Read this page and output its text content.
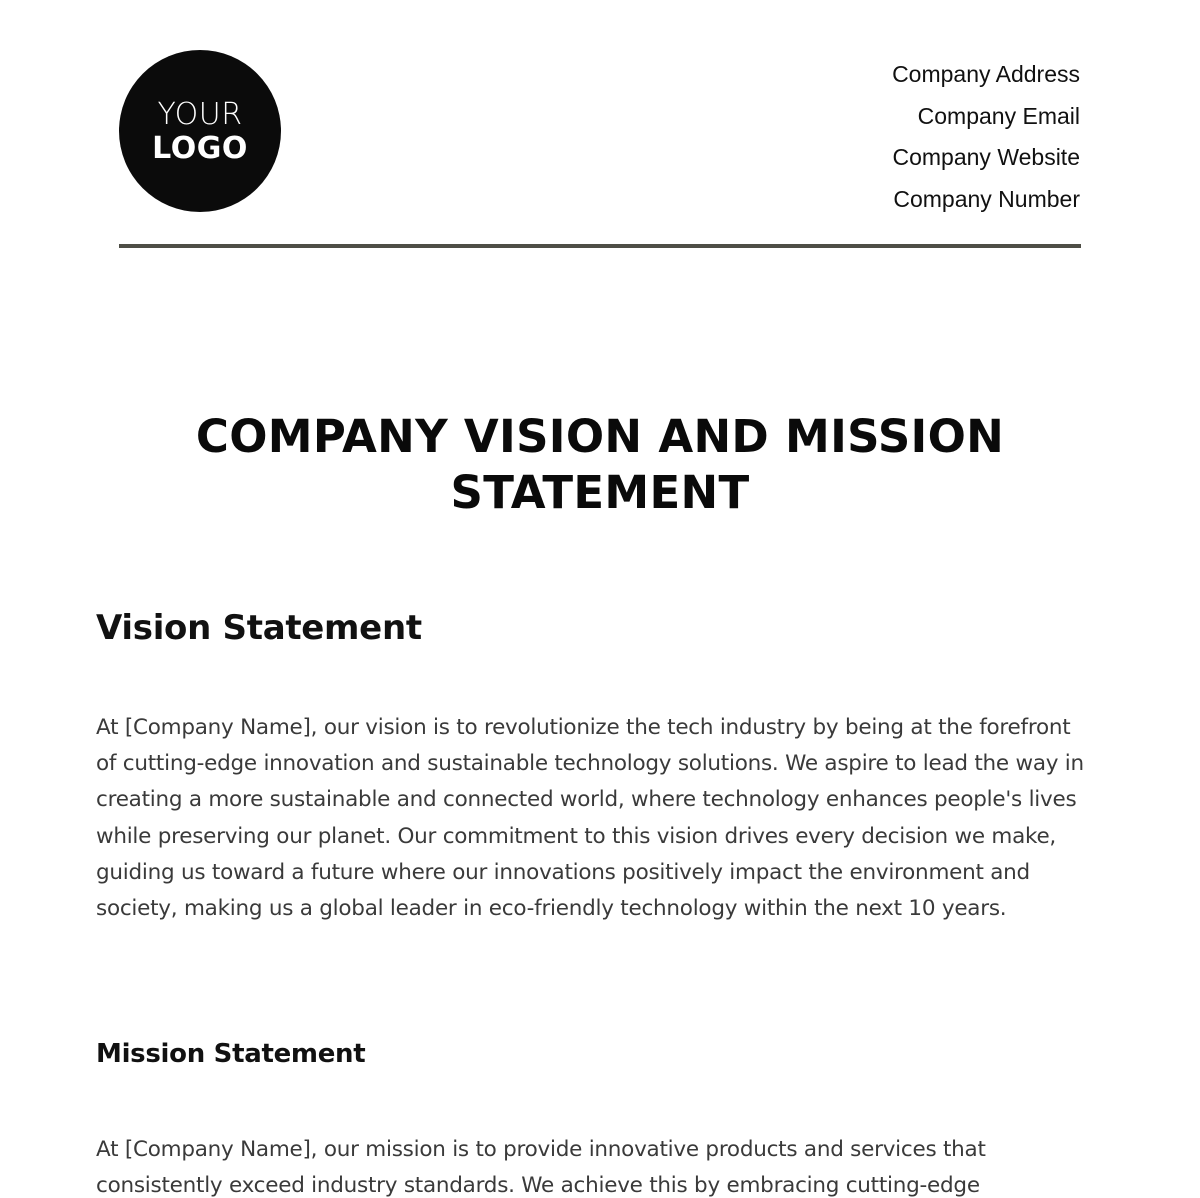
YOUR
LOGO
Company Address
Company Email
Company Website
Company Number
COMPANY VISION AND MISSION STATEMENT
Vision Statement

At [Company Name], our vision is to revolutionize the tech industry by being at the forefront of cutting-edge innovation and sustainable technology solutions. We aspire to lead the way in creating a more sustainable and connected world, where technology enhances people's lives while preserving our planet. Our commitment to this vision drives every decision we make, guiding us toward a future where our innovations positively impact the environment and society, making us a global leader in eco-friendly technology within the next 10 years.

Mission Statement

At [Company Name], our mission is to provide innovative products and services that consistently exceed industry standards. We achieve this by embracing cutting-edge
